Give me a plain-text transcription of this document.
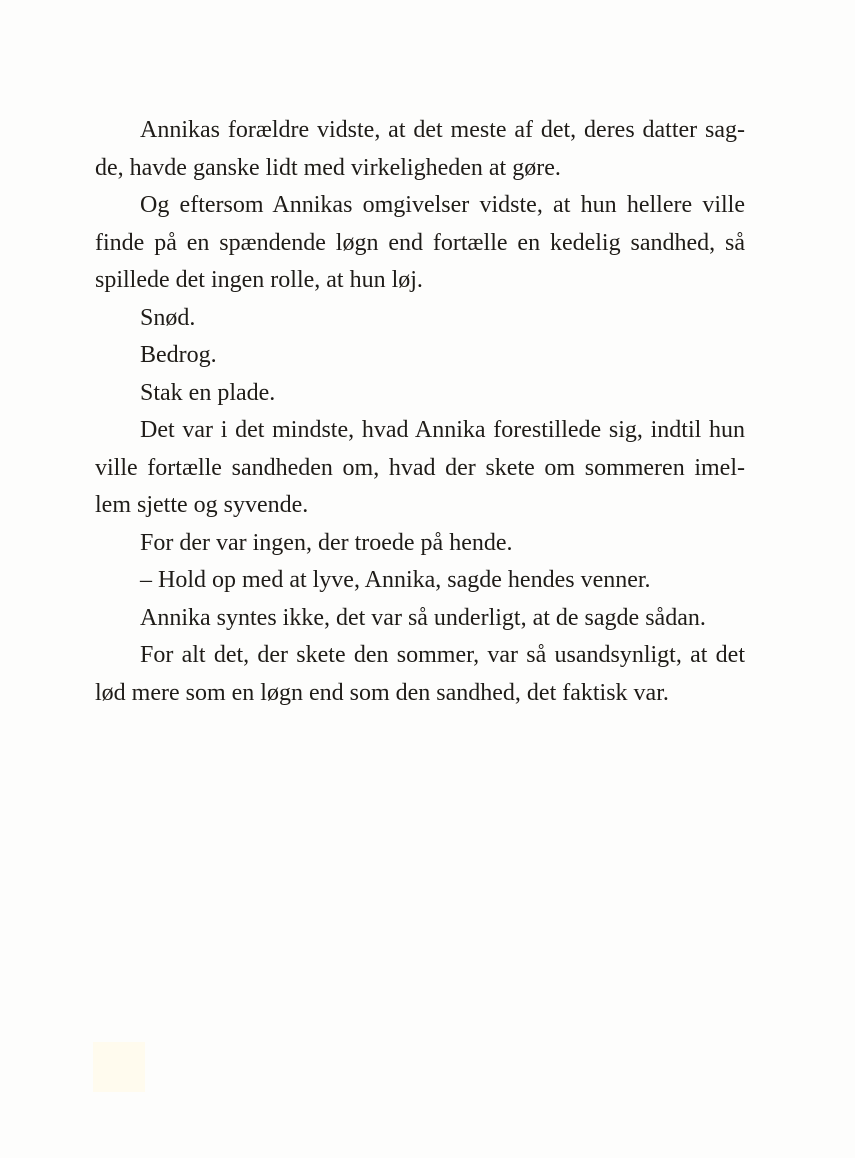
Annikas forældre vidste, at det meste af det, deres datter sag-
de, havde ganske lidt med virkeligheden at gøre.
Og eftersom Annikas omgivelser vidste, at hun hellere ville
finde på en spændende løgn end fortælle en kedelig sandhed, så
spillede det ingen rolle, at hun løj.
Snød.
Bedrog.
Stak en plade.
Det var i det mindste, hvad Annika forestillede sig, indtil hun
ville fortælle sandheden om, hvad der skete om sommeren imel-
lem sjette og syvende.
For der var ingen, der troede på hende.
– Hold op med at lyve, Annika, sagde hendes venner.
Annika syntes ikke, det var så underligt, at de sagde sådan.
For alt det, der skete den sommer, var så usandsynligt, at det
lød mere som en løgn end som den sandhed, det faktisk var.
